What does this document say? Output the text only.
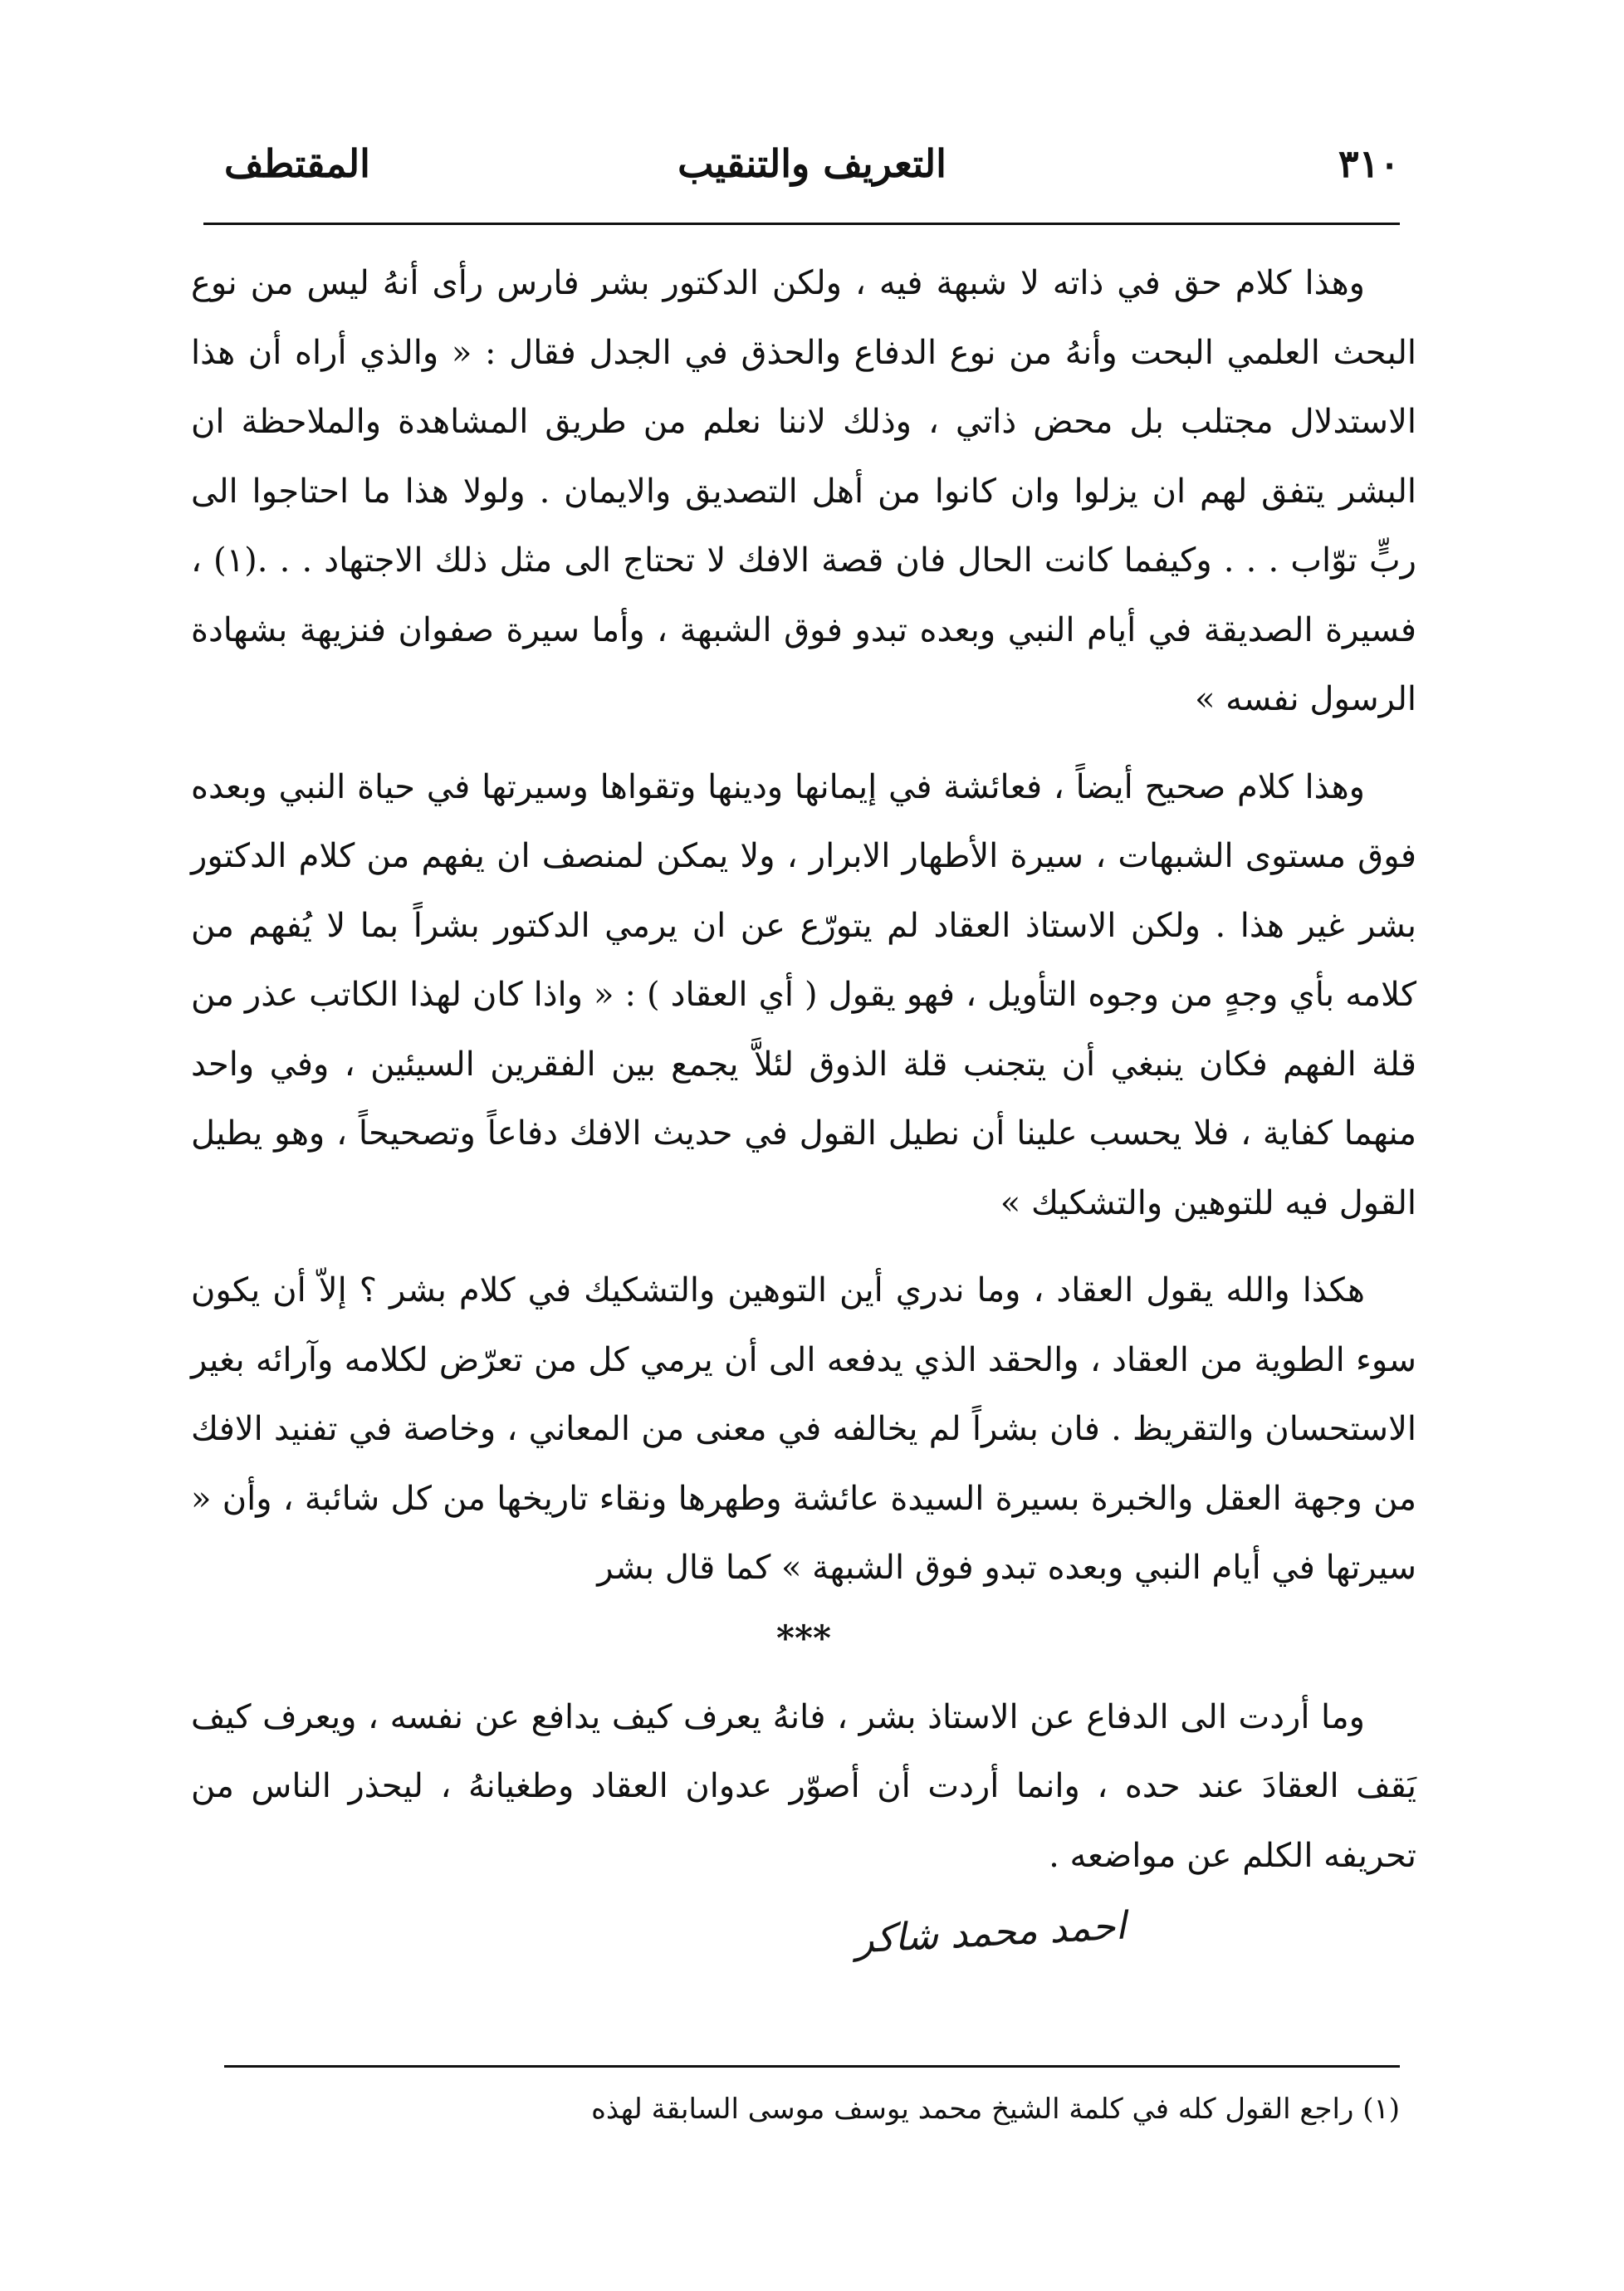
٣١٠
التعريف والتنقيب
المقتطف

وهذا كلام حق في ذاته لا شبهة فيه ، ولكن الدكتور بشر فارس رأى أنهُ ليس من نوع البحث العلمي البحت وأنهُ من نوع الدفاع والحذق في الجدل فقال : « والذي أراه أن هذا الاستدلال مجتلب بل محض ذاتي ، وذلك لاننا نعلم من طريق المشاهدة والملاحظة ان البشر يتفق لهم ان يزلوا وان كانوا من أهل التصديق والايمان . ولولا هذا ما احتاجوا الى ربٍّ توّاب . . . وكيفما كانت الحال فان قصة الافك لا تحتاج الى مثل ذلك الاجتهاد . . .(١) ، فسيرة الصديقة في أيام النبي وبعده تبدو فوق الشبهة ، وأما سيرة صفوان فنزيهة بشهادة الرسول نفسه »

وهذا كلام صحيح أيضاً ، فعائشة في إيمانها ودينها وتقواها وسيرتها في حياة النبي وبعده فوق مستوى الشبهات ، سيرة الأطهار الابرار ، ولا يمكن لمنصف ان يفهم من كلام الدكتور بشر غير هذا . ولكن الاستاذ العقاد لم يتورّع عن ان يرمي الدكتور بشراً بما لا يُفهم من كلامه بأي وجهٍ من وجوه التأويل ، فهو يقول ( أي العقاد ) : « واذا كان لهذا الكاتب عذر من قلة الفهم فكان ينبغي أن يتجنب قلة الذوق لئلاَّ يجمع بين الفقرين السيئين ، وفي واحد منهما كفاية ، فلا يحسب علينا أن نطيل القول في حديث الافك دفاعاً وتصحيحاً ، وهو يطيل القول فيه للتوهين والتشكيك »

هكذا والله يقول العقاد ، وما ندري أين التوهين والتشكيك في كلام بشر ؟ إلاّ أن يكون سوء الطوية من العقاد ، والحقد الذي يدفعه الى أن يرمي كل من تعرّض لكلامه وآرائه بغير الاستحسان والتقريظ . فان بشراً لم يخالفه في معنى من المعاني ، وخاصة في تفنيد الافك من وجهة العقل والخبرة بسيرة السيدة عائشة وطهرها ونقاء تاريخها من كل شائبة ، وأن « سيرتها في أيام النبي وبعده تبدو فوق الشبهة » كما قال بشر

***

وما أردت الى الدفاع عن الاستاذ بشر ، فانهُ يعرف كيف يدافع عن نفسه ، ويعرف كيف يَقف العقادَ عند حده ، وانما أردت أن أصوّر عدوان العقاد وطغيانهُ ، ليحذر الناس من تحريفه الكلم عن مواضعه .

احمد محمد شاكر
(١) راجع القول كله في كلمة الشيخ محمد يوسف موسى السابقة لهذه
